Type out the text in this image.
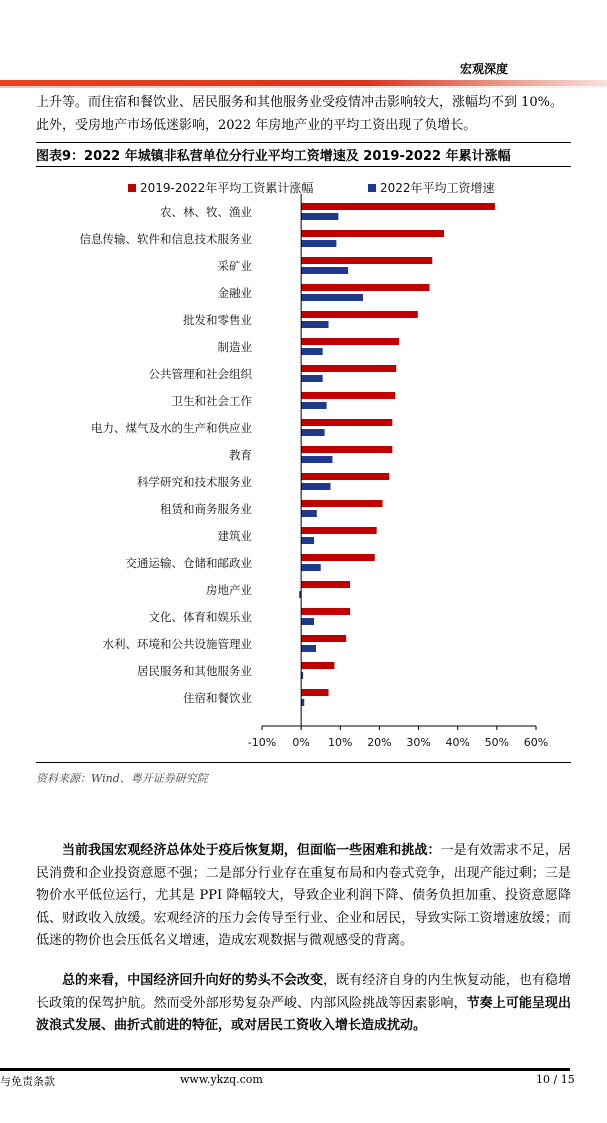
宏观深度

上升等。而住宿和餐饮业、居民服务和其他服务业受疫情冲击影响较大，涨幅均不到 10%。
此外，受房地产市场低迷影响，2022 年房地产业的平均工资出现了负增长。

图表9：2022 年城镇非私营单位分行业平均工资增速及 2019-2022 年累计涨幅
2019-2022年平均工资累计涨幅	2022年平均工资增速
农、林、牧、渔业
信息传输、软件和信息技术服务业
采矿业
金融业
批发和零售业
制造业
公共管理和社会组织
卫生和社会工作
电力、煤气及水的生产和供应业
教育
科学研究和技术服务业
租赁和商务服务业
建筑业
交通运输、仓储和邮政业
房地产业
文化、体育和娱乐业
水利、环境和公共设施管理业
居民服务和其他服务业
住宿和餐饮业
-10% 0% 10% 20% 30% 40% 50% 60%
资料来源：Wind、粤开证券研究院

当前我国宏观经济总体处于疫后恢复期，但面临一些困难和挑战：一是有效需求不足，居民消费和企业投资意愿不强；二是部分行业存在重复布局和内卷式竞争，出现产能过剩；三是物价水平低位运行，尤其是 PPI 降幅较大，导致企业利润下降、债务负担加重、投资意愿降低、财政收入放缓。宏观经济的压力会传导至行业、企业和居民，导致实际工资增速放缓；而低迷的物价也会压低名义增速，造成宏观数据与微观感受的背离。

总的来看，中国经济回升向好的势头不会改变，既有经济自身的内生恢复动能，也有稳增长政策的保驾护航。然而受外部形势复杂严峻、内部风险挑战等因素影响，节奏上可能呈现出波浪式发展、曲折式前进的特征，或对居民工资收入增长造成扰动。

与免责条款	www.ykzq.com	10 / 15
